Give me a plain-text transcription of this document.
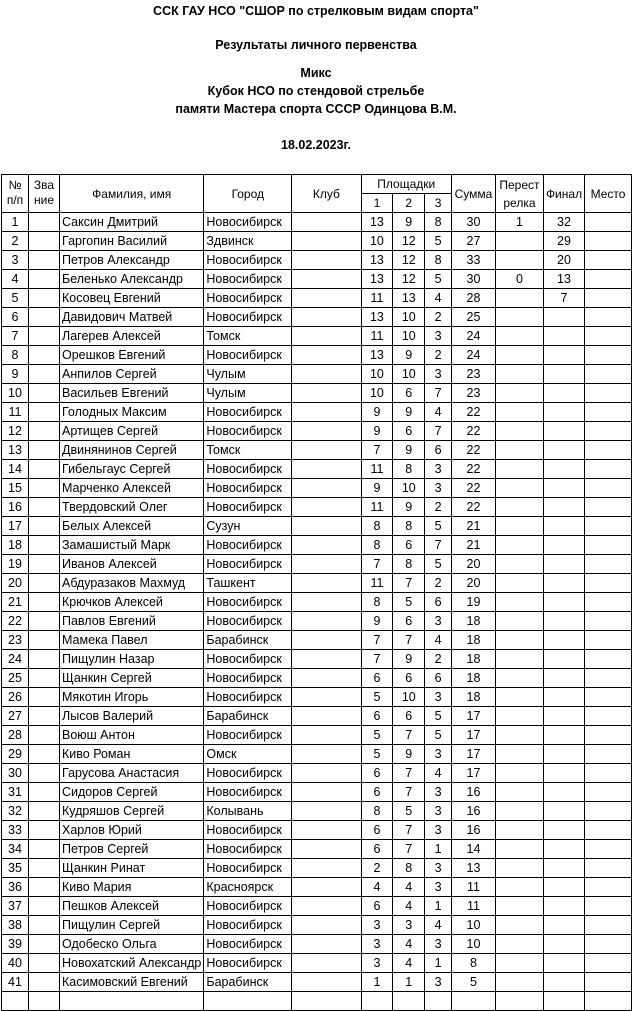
ССК ГАУ НСО "СШОР по стрелковым видам спорта"
Результаты личного первенства
Микс
Кубок НСО по стендовой стрельбе
памяти Мастера спорта СССР Одинцова В.М.
18.02.2023г.
№ п/п	Звание	Фамилия, имя	Город	Клуб	Площадки			Сумма	Перестрелка	Финал	Место
					1	2	3				
1		Саксин Дмитрий	Новосибирск		13	9	8	30	1	32	
2		Гаргопин Василий	Здвинск		10	12	5	27		29	
3		Петров Александр	Новосибирск		13	12	8	33		20	
4		Беленько Александр	Новосибирск		13	12	5	30	0	13	
5		Косовец Евгений	Новосибирск		11	13	4	28		7	
6		Давидович Матвей	Новосибирск		13	10	2	25			
7		Лагерев Алексей	Томск		11	10	3	24			
8		Орешков Евгений	Новосибирск		13	9	2	24			
9		Анпилов Сергей	Чулым		10	10	3	23			
10		Васильев Евгений	Чулым		10	6	7	23			
11		Голодных Максим	Новосибирск		9	9	4	22			
12		Артищев Сергей	Новосибирск		9	6	7	22			
13		Двинянинов Сергей	Томск		7	9	6	22			
14		Гибельгаус Сергей	Новосибирск		11	8	3	22			
15		Марченко Алексей	Новосибирск		9	10	3	22			
16		Твердовский Олег	Новосибирск		11	9	2	22			
17		Белых Алексей	Сузун		8	8	5	21			
18		Замашистый Марк	Новосибирск		8	6	7	21			
19		Иванов Алексей	Новосибирск		7	8	5	20			
20		Абдуразаков Махмуд	Ташкент		11	7	2	20			
21		Крючков Алексей	Новосибирск		8	5	6	19			
22		Павлов Евгений	Новосибирск		9	6	3	18			
23		Мамека Павел	Барабинск		7	7	4	18			
24		Пищулин Назар	Новосибирск		7	9	2	18			
25		Щанкин Сергей	Новосибирск		6	6	6	18			
26		Мякотин Игорь	Новосибирск		5	10	3	18			
27		Лысов Валерий	Барабинск		6	6	5	17			
28		Воюш Антон	Новосибирск		5	7	5	17			
29		Киво Роман	Омск		5	9	3	17			
30		Гарусова Анастасия	Новосибирск		6	7	4	17			
31		Сидоров Сергей	Новосибирск		6	7	3	16			
32		Кудряшов Сергей	Колывань		8	5	3	16			
33		Харлов Юрий	Новосибирск		6	7	3	16			
34		Петров Сергей	Новосибирск		6	7	1	14			
35		Щанкин Ринат	Новосибирск		2	8	3	13			
36		Киво Мария	Красноярск		4	4	3	11			
37		Пешков Алексей	Новосибирск		6	4	1	11			
38		Пищулин Сергей	Новосибирск		3	3	4	10			
39		Одобеско Ольга	Новосибирск		3	4	3	10			
40		Новохатский Александр	Новосибирск		3	4	1	8			
41		Касимовский Евгений	Барабинск		1	1	3	5			
